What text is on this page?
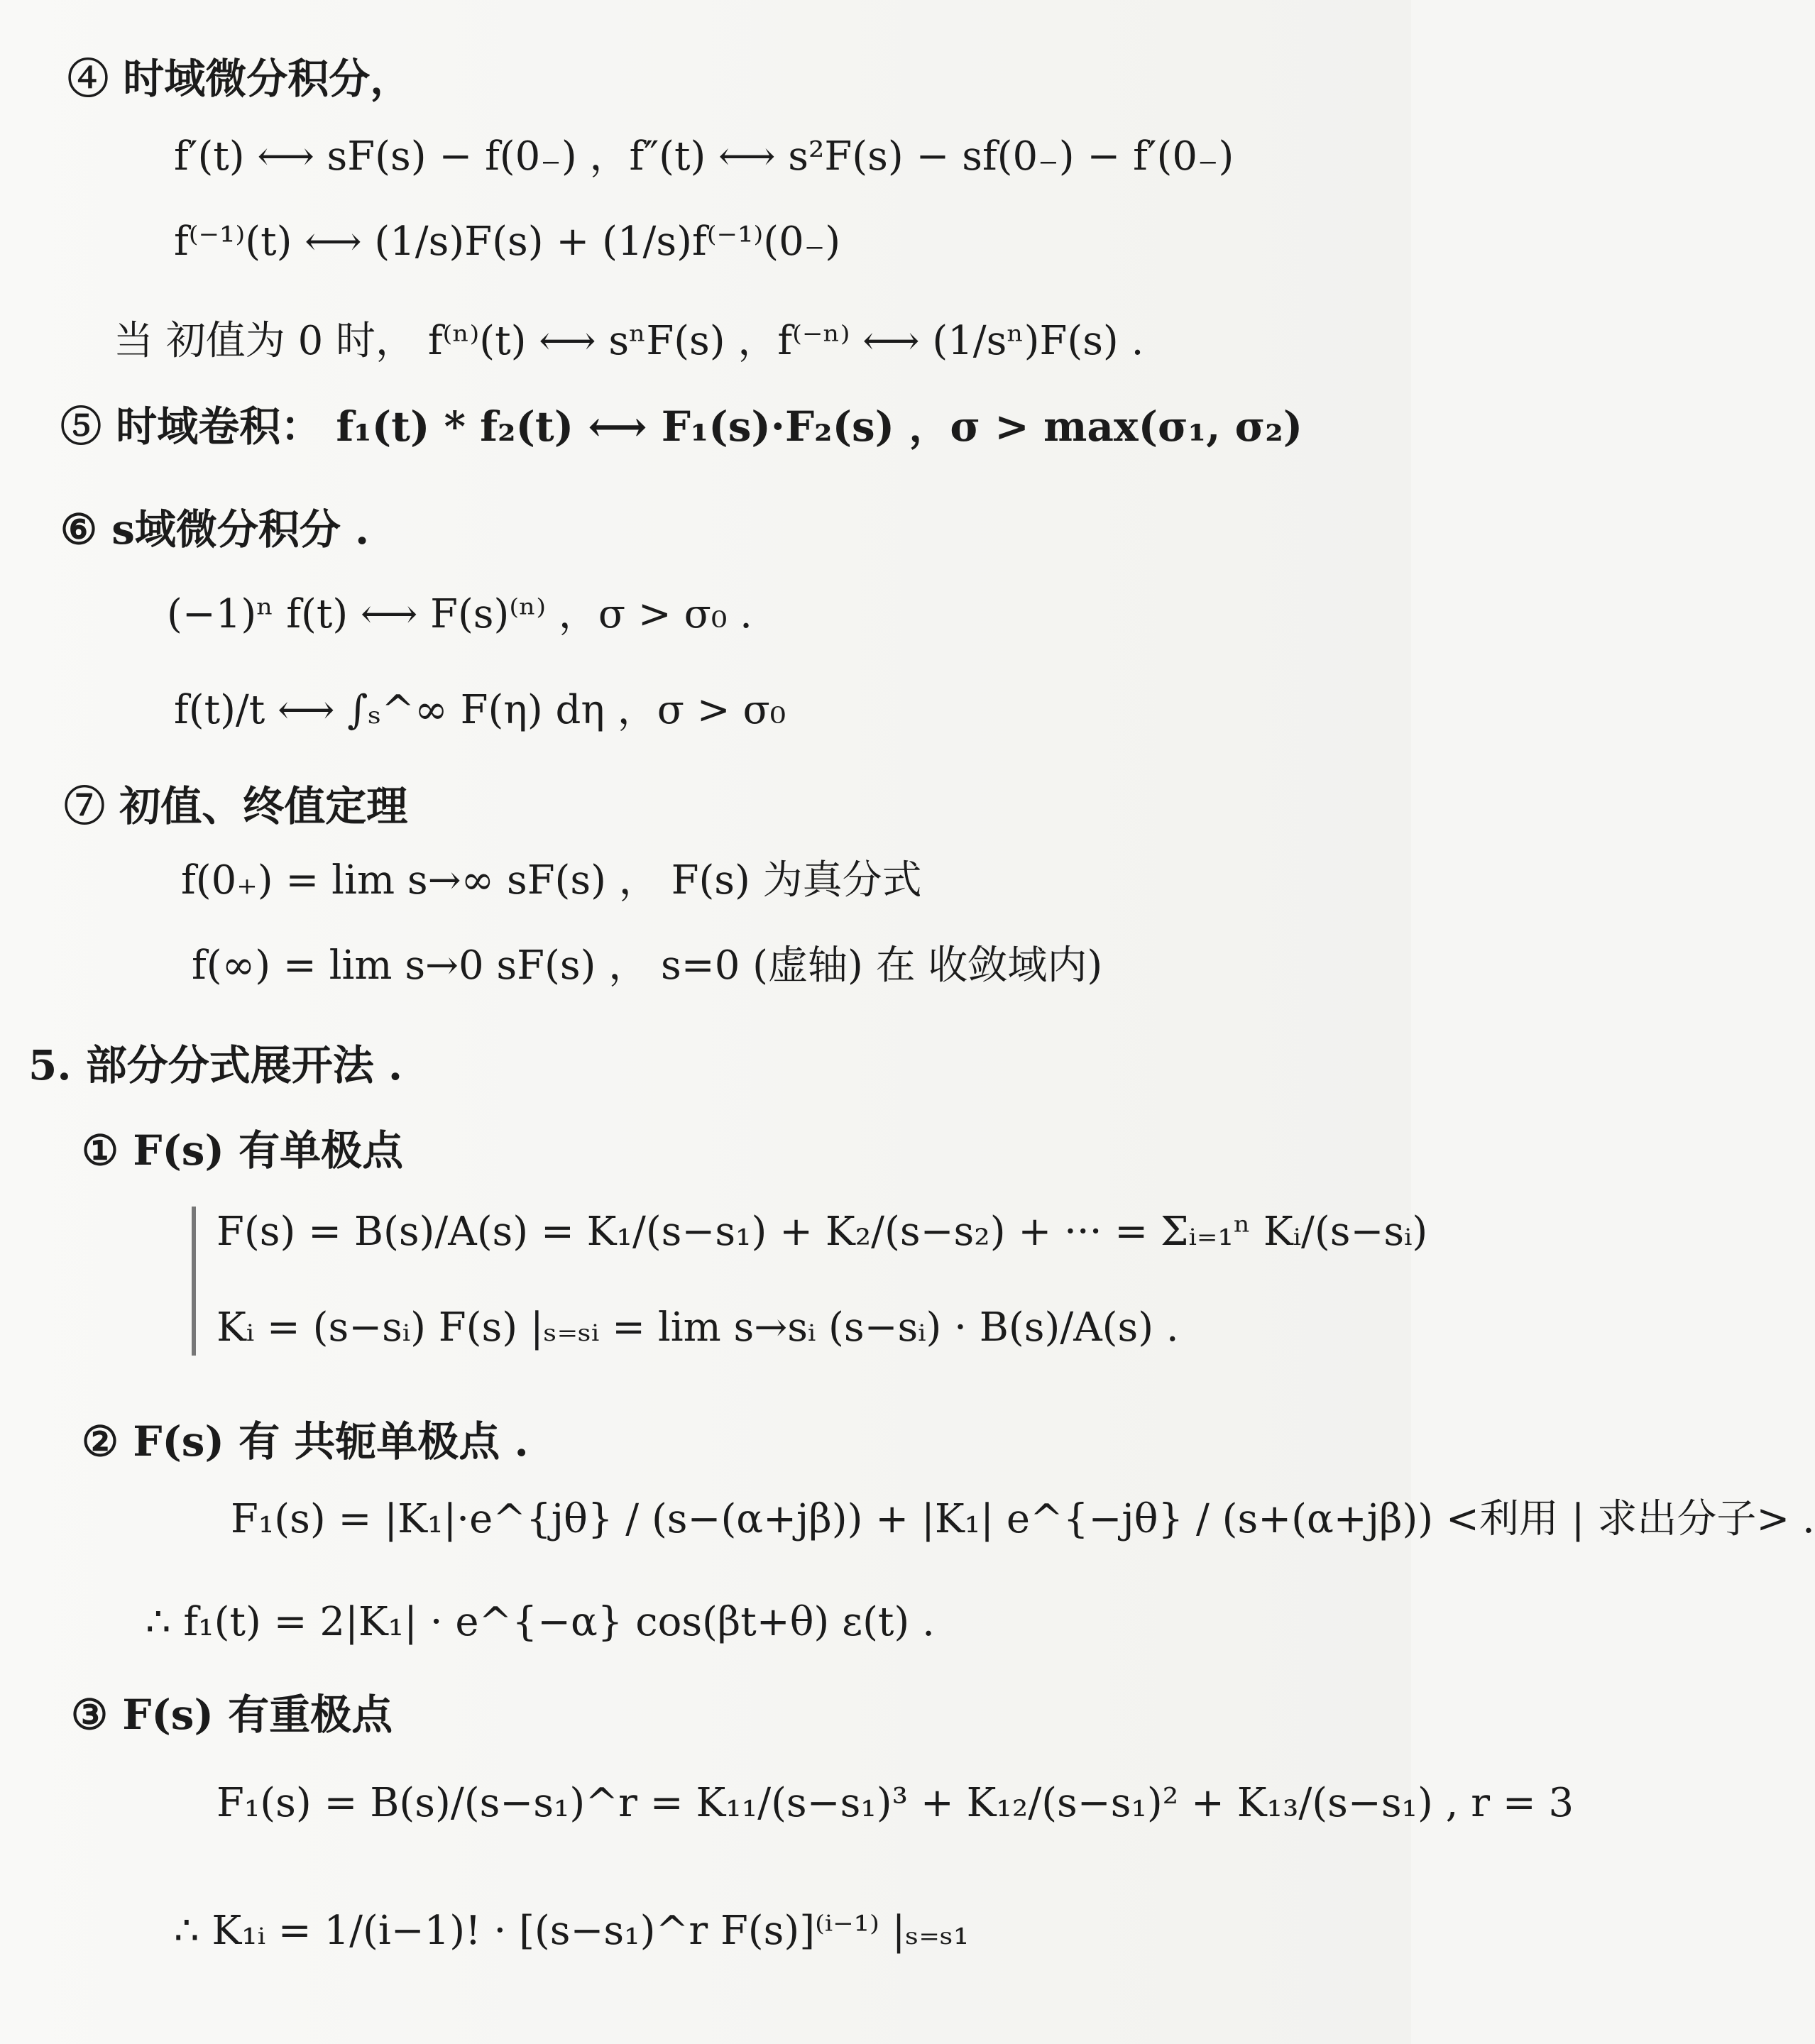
④ 时域微分积分，
f′(t) ⟷ sF(s) − f(0₋) ，f″(t) ⟷ s²F(s) − sf(0₋) − f′(0₋)
f⁽⁻¹⁾(t) ⟷ (1/s)F(s) + (1/s)f⁽⁻¹⁾(0₋)
当 初值为 0 时， f⁽ⁿ⁾(t) ⟷ sⁿF(s) ，f⁽⁻ⁿ⁾ ⟷ (1/sⁿ)F(s) .
⑤ 时域卷积： f₁(t) * f₂(t) ⟷ F₁(s)·F₂(s) ，σ > max(σ₁, σ₂)
⑥ s域微分积分 .
(−1)ⁿ f(t) ⟷ F(s)⁽ⁿ⁾ ，σ > σ₀ .
f(t)/t ⟷ ∫ₛ^∞ F(η) dη ，σ > σ₀
⑦ 初值、终值定理
f(0₊) = lim s→∞ sF(s) ， F(s) 为真分式
f(∞) = lim s→0 sF(s) ， s=0 (虚轴) 在 收敛域内)
5. 部分分式展开法 .
① F(s) 有单极点
F(s) = B(s)/A(s) = K₁/(s−s₁) + K₂/(s−s₂) + ··· = Σᵢ₌₁ⁿ Kᵢ/(s−sᵢ)
Kᵢ = (s−sᵢ) F(s) |ₛ₌ₛᵢ = lim s→sᵢ (s−sᵢ) · B(s)/A(s) .
② F(s) 有 共轭单极点 .
F₁(s) = |K₁|·e^{jθ} / (s−(α+jβ)) + |K₁| e^{−jθ} / (s+(α+jβ)) <利用 | 求出分子> .
∴ f₁(t) = 2|K₁| · e^{−α} cos(βt+θ) ε(t) .
③ F(s) 有重极点
F₁(s) = B(s)/(s−s₁)^r = K₁₁/(s−s₁)³ + K₁₂/(s−s₁)² + K₁₃/(s−s₁) , r = 3
∴ K₁ᵢ = 1/(i−1)! · [(s−s₁)^r F(s)]⁽ⁱ⁻¹⁾ |ₛ₌ₛ₁
